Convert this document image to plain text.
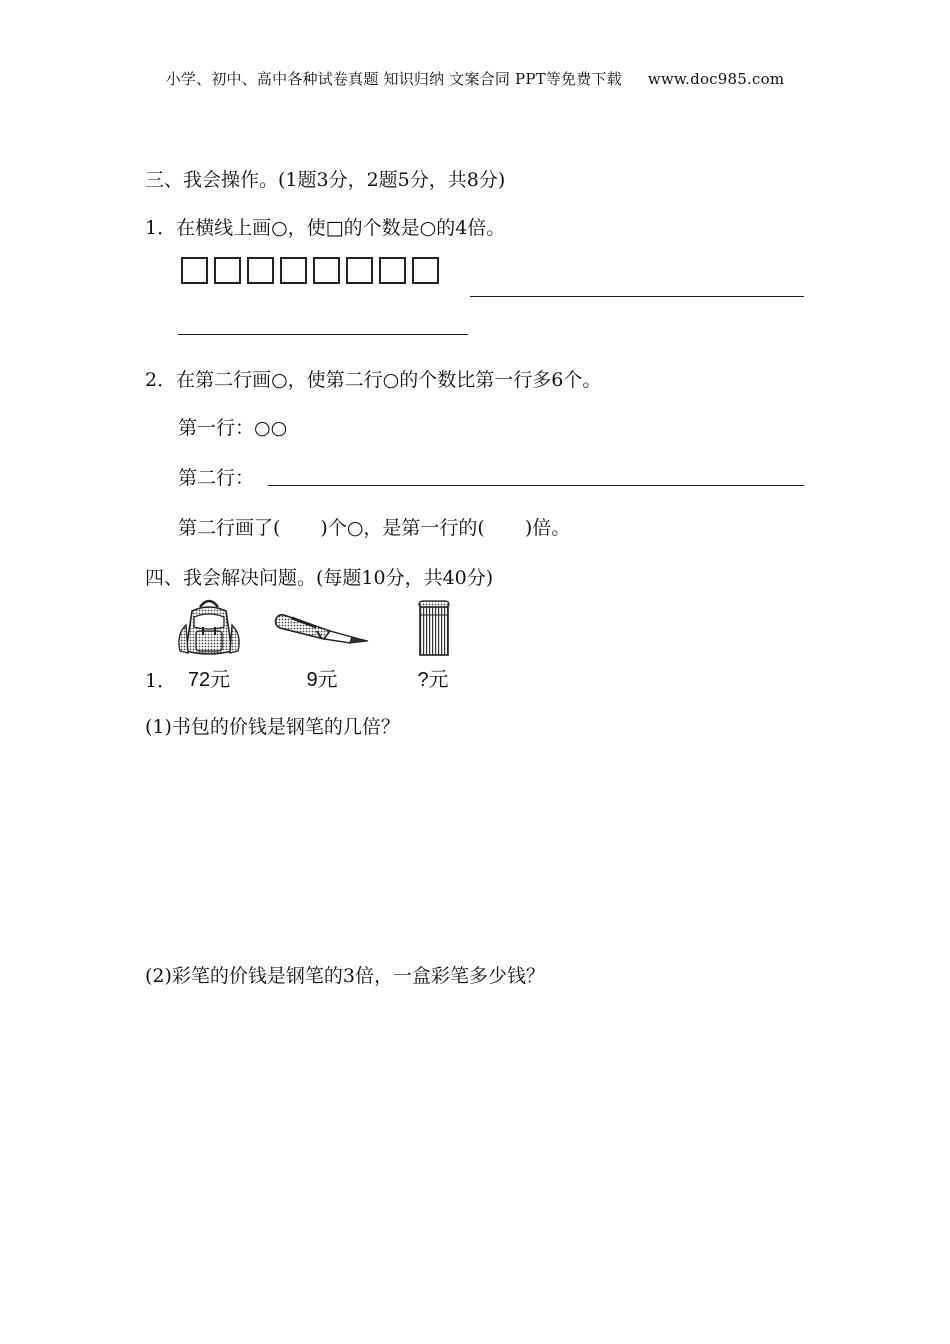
小学、初中、高中各种试卷真题 知识归纳 文案合同 PPT等免费下载 www.doc985.com
三、我会操作。(1题3分，2题5分，共8分)
1．在横线上画○，使□的个数是○的4倍。
2．在第二行画○，使第二行○的个数比第一行多6个。
第一行：○○
第二行：
第二行画了( )个○，是第一行的( )倍。
四、我会解决问题。(每题10分，共40分)
72元	9元	?元
1．
(1)书包的价钱是钢笔的几倍？
(2)彩笔的价钱是钢笔的3倍，一盒彩笔多少钱？
